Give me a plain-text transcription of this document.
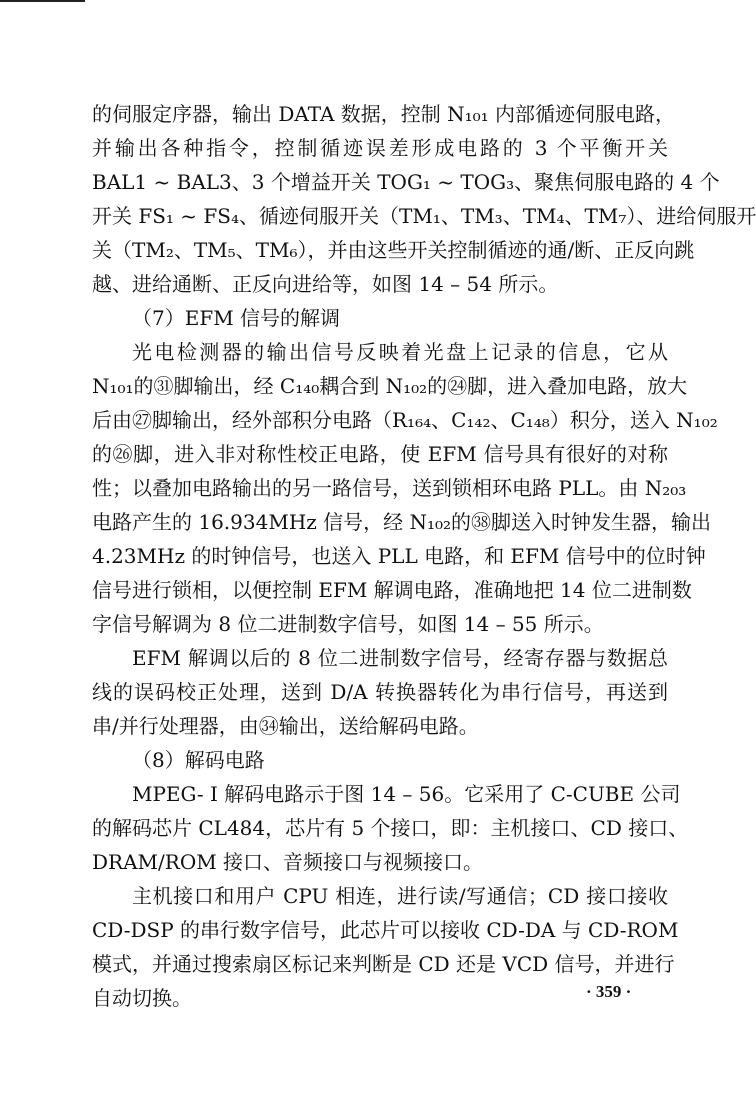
的伺服定序器，输出 DATA 数据，控制 N₁₀₁ 内部循迹伺服电路，
并输出各种指令，控制循迹误差形成电路的 3 个平衡开关
BAL1 ~ BAL3、3 个增益开关 TOG₁ ~ TOG₃、聚焦伺服电路的 4 个
开关 FS₁ ~ FS₄、循迹伺服开关（TM₁、TM₃、TM₄、TM₇）、进给伺服开
关（TM₂、TM₅、TM₆），并由这些开关控制循迹的通/断、正反向跳
越、进给通断、正反向进给等，如图 14 – 54 所示。
（7）EFM 信号的解调
光电检测器的输出信号反映着光盘上记录的信息，它从
N₁₀₁的㉛脚输出，经 C₁₄₀耦合到 N₁₀₂的㉔脚，进入叠加电路，放大
后由㉗脚输出，经外部积分电路（R₁₆₄、C₁₄₂、C₁₄₈）积分，送入 N₁₀₂
的㉖脚，进入非对称性校正电路，使 EFM 信号具有很好的对称
性；以叠加电路输出的另一路信号，送到锁相环电路 PLL。由 N₂₀₃
电路产生的 16.934MHz 信号，经 N₁₀₂的㊳脚送入时钟发生器，输出
4.23MHz 的时钟信号，也送入 PLL 电路，和 EFM 信号中的位时钟
信号进行锁相，以便控制 EFM 解调电路，准确地把 14 位二进制数
字信号解调为 8 位二进制数字信号，如图 14 – 55 所示。
EFM 解调以后的 8 位二进制数字信号，经寄存器与数据总
线的误码校正处理，送到 D/A 转换器转化为串行信号，再送到
串/并行处理器，由㉞输出，送给解码电路。
（8）解码电路
MPEG- Ⅰ 解码电路示于图 14 – 56。它采用了 C-CUBE 公司
的解码芯片 CL484，芯片有 5 个接口，即：主机接口、CD 接口、
DRAM/ROM 接口、音频接口与视频接口。
主机接口和用户 CPU 相连，进行读/写通信；CD 接口接收
CD-DSP 的串行数字信号，此芯片可以接收 CD-DA 与 CD-ROM
模式，并通过搜索扇区标记来判断是 CD 还是 VCD 信号，并进行
自动切换。	· 359 ·
